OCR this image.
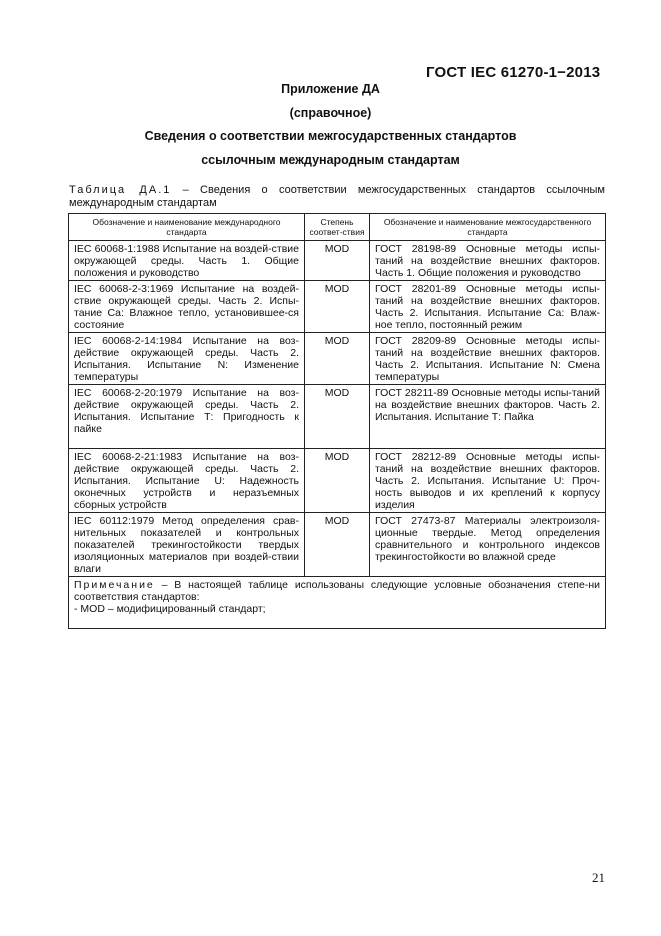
ГОСТ IEC 61270-1−2013
Приложение ДА
(справочное)
Сведения о соответствии межгосударственных стандартов
ссылочным международным стандартам
Таблица ДА.1 – Сведения о соответствии межгосударственных стандартов ссылочным международным стандартам
Обозначение и наименование международного стандарта	Степень соответ-ствия	Обозначение и наименование межгосударственного стандарта
IEC 60068-1:1988 Испытание на воздей-ствие окружающей среды. Часть 1. Общие положения и руководство	MOD	ГОСТ 28198-89 Основные методы испы-таний на воздействие внешних факторов. Часть 1. Общие положения и руководство
IEC 60068-2-3:1969 Испытание на воздей-ствие окружающей среды. Часть 2. Испы-тание Са: Влажное тепло, установившее-ся состояние	MOD	ГОСТ 28201-89 Основные методы испы-таний на воздействие внешних факторов. Часть 2. Испытания. Испытание Са: Влаж-ное тепло, постоянный режим
IEC 60068-2-14:1984 Испытание на воз-действие окружающей среды. Часть 2. Испытания. Испытание N: Изменение температуры	MOD	ГОСТ 28209-89 Основные методы испы-таний на воздействие внешних факторов. Часть 2. Испытания. Испытание N: Смена температуры
IEC 60068-2-20:1979 Испытание на воз-действие окружающей среды. Часть 2. Испытания. Испытание Т: Пригодность к пайке	MOD	ГОСТ 28211-89 Основные методы испы-таний на воздействие внешних факторов. Часть 2. Испытания. Испытание Т: Пайка
IEC 60068-2-21:1983 Испытание на воз-действие окружающей среды. Часть 2. Испытания. Испытание U: Надежность оконечных устройств и неразъемных сборных устройств	MOD	ГОСТ 28212-89 Основные методы испы-таний на воздействие внешних факторов. Часть 2. Испытания. Испытание U: Проч-ность выводов и их креплений к корпусу изделия
IEC 60112:1979 Метод определения срав-нительных показателей и контрольных показателей трекингостойкости твердых изоляционных материалов при воздей-ствии влаги	MOD	ГОСТ 27473-87 Материалы электроизоля-ционные твердые. Метод определения сравнительного и контрольного индексов трекингостойкости во влажной среде
Примечание – В настоящей таблице использованы следующие условные обозначения степе-ни соответствия стандартов:
- MOD – модифицированный стандарт;		
21
